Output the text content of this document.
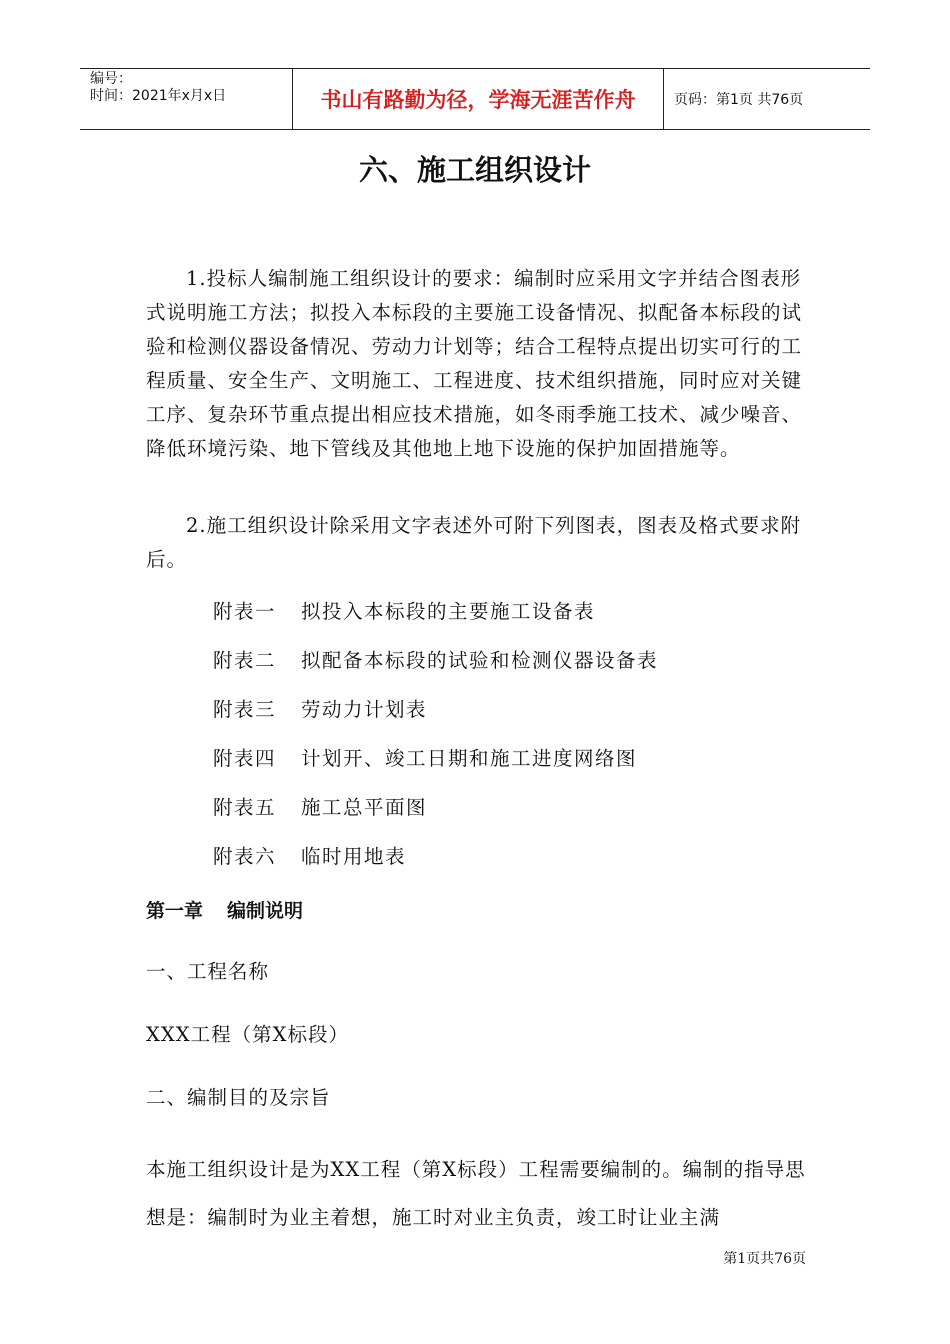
编号：
时间：2021年x月x日	书山有路勤为径，学海无涯苦作舟	页码：第1页 共76页
六、施工组织设计

1.投标人编制施工组织设计的要求：编制时应采用文字并结合图表形式说明施工方法；拟投入本标段的主要施工设备情况、拟配备本标段的试验和检测仪器设备情况、劳动力计划等；结合工程特点提出切实可行的工程质量、安全生产、文明施工、工程进度、技术组织措施，同时应对关键工序、复杂环节重点提出相应技术措施，如冬雨季施工技术、减少噪音、降低环境污染、地下管线及其他地上地下设施的保护加固措施等。

2.施工组织设计除采用文字表述外可附下列图表，图表及格式要求附后。

附表一 拟投入本标段的主要施工设备表
附表二 拟配备本标段的试验和检测仪器设备表
附表三 劳动力计划表
附表四 计划开、竣工日期和施工进度网络图
附表五 施工总平面图
附表六 临时用地表
第一章 编制说明
一、工程名称
XXX工程（第X标段）
二、编制目的及宗旨

本施工组织设计是为XX工程（第X标段）工程需要编制的。编制的指导思想是：编制时为业主着想，施工时对业主负责，竣工时让业主满

第1页共76页
